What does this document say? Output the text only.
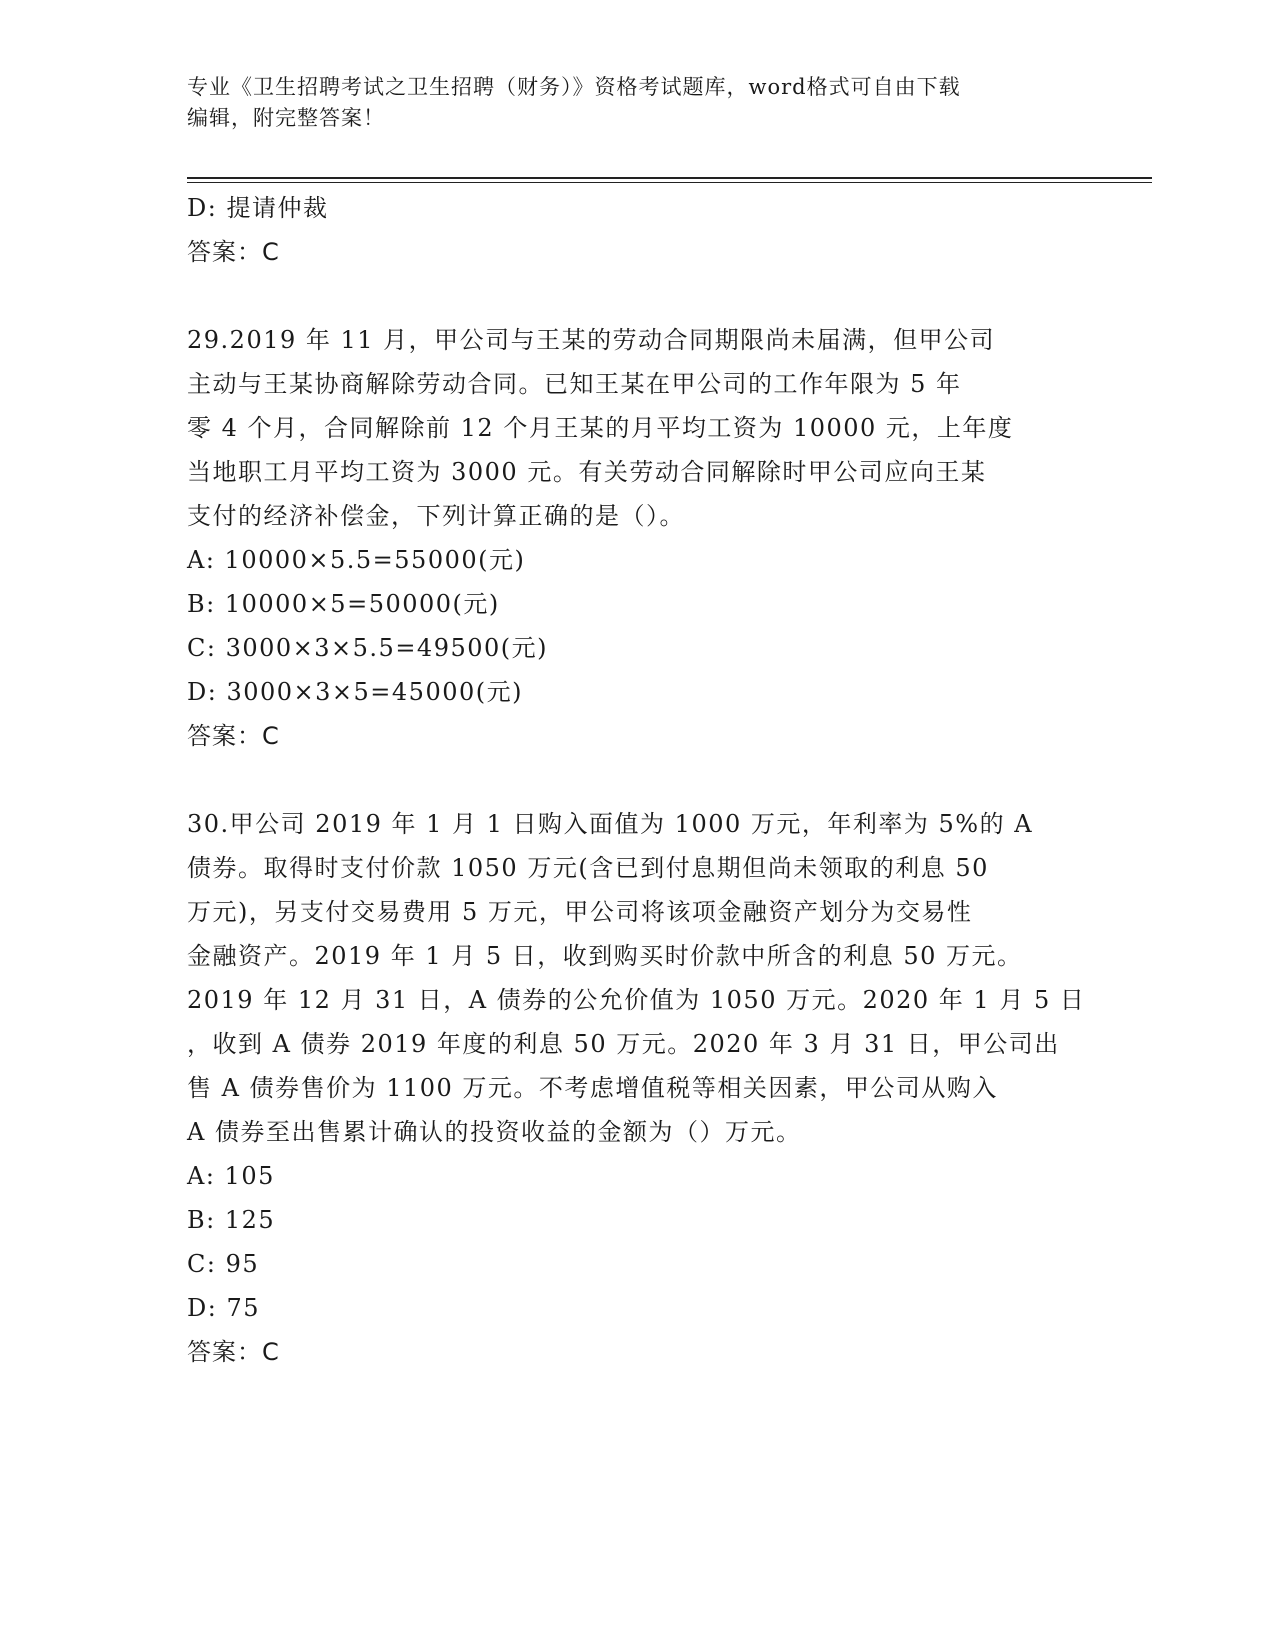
专业《卫生招聘考试之卫生招聘（财务）》资格考试题库，word格式可自由下载
编辑，附完整答案！
D: 提请仲裁
答案：C
29.2019 年 11 月，甲公司与王某的劳动合同期限尚未届满，但甲公司
主动与王某协商解除劳动合同。已知王某在甲公司的工作年限为 5 年
零 4 个月，合同解除前 12 个月王某的月平均工资为 10000 元，上年度
当地职工月平均工资为 3000 元。有关劳动合同解除时甲公司应向王某
支付的经济补偿金，下列计算正确的是（）。
A: 10000×5.5=55000(元)
B: 10000×5=50000(元)
C: 3000×3×5.5=49500(元)
D: 3000×3×5=45000(元)
答案：C
30.甲公司 2019 年 1 月 1 日购入面值为 1000 万元，年利率为 5%的 A
债券。取得时支付价款 1050 万元(含已到付息期但尚未领取的利息 50
万元)，另支付交易费用 5 万元，甲公司将该项金融资产划分为交易性
金融资产。2019 年 1 月 5 日，收到购买时价款中所含的利息 50 万元。
2019 年 12 月 31 日，A 债券的公允价值为 1050 万元。2020 年 1 月 5 日
，收到 A 债券 2019 年度的利息 50 万元。2020 年 3 月 31 日，甲公司出
售 A 债券售价为 1100 万元。不考虑增值税等相关因素，甲公司从购入
A 债券至出售累计确认的投资收益的金额为（）万元。
A: 105
B: 125
C: 95
D: 75
答案：C
